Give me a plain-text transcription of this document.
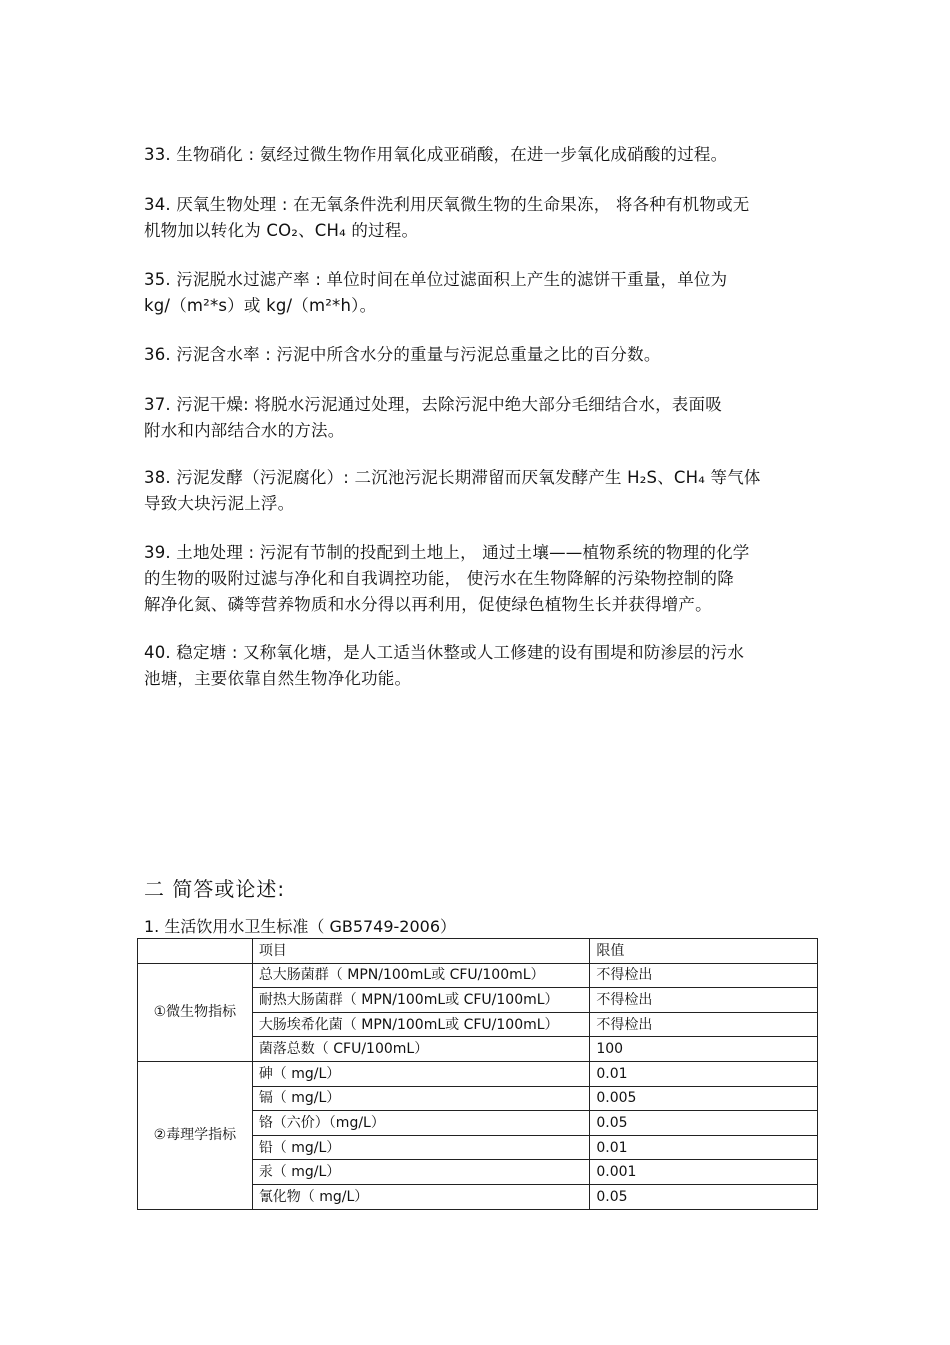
33. 生物硝化 : 氨经过微生物作用氧化成亚硝酸，在进一步氧化成硝酸的过程。

34. 厌氧生物处理 : 在无氧条件洗利用厌氧微生物的生命果冻， 将各种有机物或无

机物加以转化为 CO₂、CH₄ 的过程。

35. 污泥脱水过滤产率 : 单位时间在单位过滤面积上产生的滤饼干重量，单位为

kg/（m²*s）或 kg/（m²*h）。

36. 污泥含水率 : 污泥中所含水分的重量与污泥总重量之比的百分数。

37. 污泥干燥: 将脱水污泥通过处理，去除污泥中绝大部分毛细结合水，表面吸

附水和内部结合水的方法。

38. 污泥发酵（污泥腐化）: 二沉池污泥长期滞留而厌氧发酵产生 H₂S、CH₄ 等气体

导致大块污泥上浮。

39. 土地处理 : 污泥有节制的投配到土地上， 通过土壤——植物系统的物理的化学

的生物的吸附过滤与净化和自我调控功能， 使污水在生物降解的污染物控制的降

解净化氮、磷等营养物质和水分得以再利用，促使绿色植物生长并获得增产。

40. 稳定塘 : 又称氧化塘，是人工适当休整或人工修建的设有围堤和防渗层的污水

池塘，主要依靠自然生物净化功能。

二 简答或论述:
1. 生活饮用水卫生标准（ GB5749-2006）
	项目	限值
①微生物指标	总大肠菌群（ MPN/100mL或 CFU/100mL）	不得检出
	耐热大肠菌群（ MPN/100mL或 CFU/100mL）	不得检出
	大肠埃希化菌（ MPN/100mL或 CFU/100mL）	不得检出
	菌落总数（ CFU/100mL）	100
②毒理学指标	砷（ mg/L）	0.01
	镉（ mg/L）	0.005
	铬（六价）（mg/L）	0.05
	铅（ mg/L）	0.01
	汞（ mg/L）	0.001
	氰化物（ mg/L）	0.05
